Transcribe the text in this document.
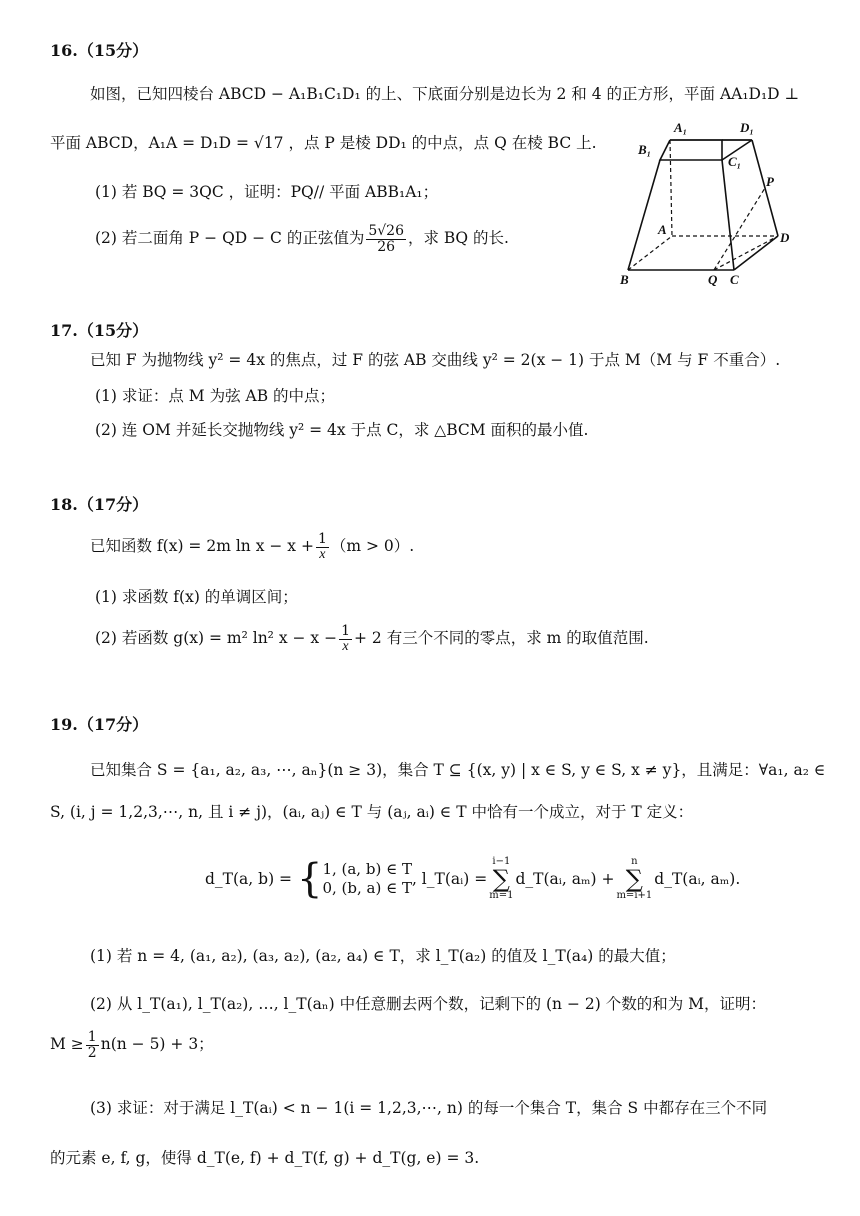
16.（15分）
如图，已知四棱台 ABCD − A₁B₁C₁D₁ 的上、下底面分别是边长为 2 和 4 的正方形，平面 AA₁D₁D ⊥
平面 ABCD，A₁A = D₁D = √17 ，点 P 是棱 DD₁ 的中点，点 Q 在棱 BC 上.
(1) 若 BQ = 3QC ，证明：PQ// 平面 ABB₁A₁；
(2) 若二面角 P − QD − C 的正弦值为 $\frac{5√26}{26}$ ，求 BQ 的长.
A₁	D₁
B₁
C₁
P
A
D
B	Q C
17.（15分）
已知 F 为抛物线 y² = 4x 的焦点，过 F 的弦 AB 交曲线 y² = 2(x − 1) 于点 M（M 与 F 不重合）.
(1) 求证：点 M 为弦 AB 的中点；
(2) 连 OM 并延长交抛物线 y² = 4x 于点 C，求 △BCM 面积的最小值.
18.（17分）
已知函数 f(x) = 2m $\ln x - x + \frac{1}{x} (m > 0)$.
(1) 求函数 f(x) 的单调区间；
(2) 若函数 g(x) = m² ln² $x - x - \frac{1}{x} + 2$ 有三个不同的零点，求 m 的取值范围.
19.（17分）
已知集合 S = {a₁, a₂, a₃, ⋯, aₙ}(n ≥ 3)，集合 T ⊆ {(x, y) | x ∈ S, y ∈ S, x ≠ y}，且满足：∀a₁, a₂ ∈
S, (i, j = 1,2,3,⋯, n, 且 i ≠ j)，(aᵢ, aⱼ) ∈ T 与 (aⱼ, aᵢ) ∈ T 中恰有一个成立，对于 T 定义：
d_T(a, b) = { 1, (a, b) ∈ T
0, (b, a) ∈ T , l_T(aᵢ) =
i−1
∑
m=1
d_T(aᵢ, aₘ) +
n
∑
m=i+1
d_T(aᵢ, aₘ).
(1) 若 n = 4, (a₁, a₂), (a₃, a₂), (a₂, a₄) ∈ T，求 l_T(a₂) 的值及 l_T(a₄) 的最大值；
(2) 从 l_T(a₁), l_T(a₂), …, l_T(aₙ) 中任意删去两个数，记剩下的 (n − 2) 个数的和为 M，证明：
$M \ge \frac{1}{2} n(n - 5) + 3$；
(3) 求证：对于满足 l_T(aᵢ) < n − 1(i = 1,2,3,⋯, n) 的每一个集合 T，集合 S 中都存在三个不同
的元素 e, f, g，使得 d_T(e, f) + d_T(f, g) + d_T(g, e) = 3.
